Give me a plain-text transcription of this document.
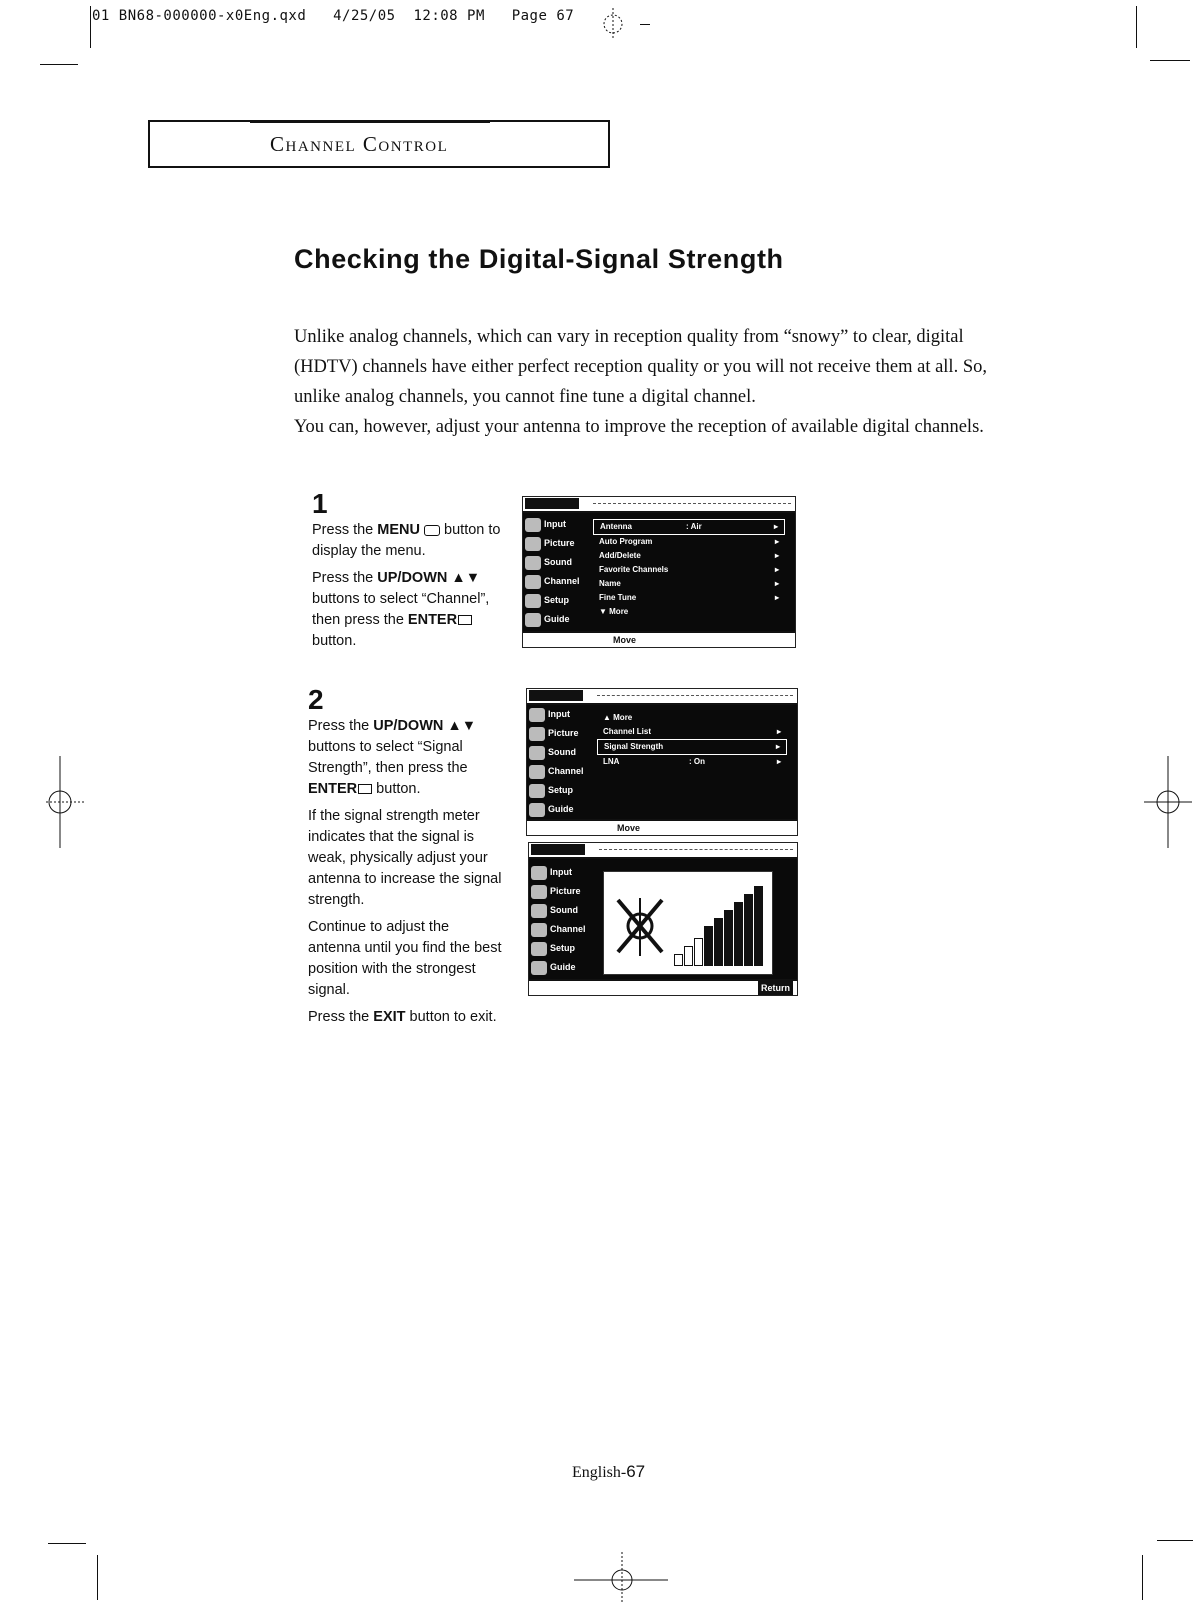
01 BN68-000000-x0Eng.qxd 4/25/05 12:08 PM Page 67
Channel Control
Checking the Digital-Signal Strength
Unlike analog channels, which can vary in reception quality from “snowy” to clear, digital (HDTV) channels have either perfect reception quality or you will not receive them at all. So, unlike analog channels, you cannot fine tune a digital channel.
You can, however, adjust your antenna to improve the reception of available digital channels.
1

Press the MENU  button to display the menu.

Press the UP/DOWN ▲▼ buttons to select “Channel”, then press the ENTER button.

2

Press the UP/DOWN ▲▼ buttons to select “Signal Strength”, then press the ENTER button.

If the signal strength meter indicates that the signal is weak, physically adjust your antenna to increase the signal strength.

Continue to adjust the antenna until you find the best position with the strongest signal.

Press the EXIT button to exit.

Input
Picture
Sound
Channel
Setup
Guide
Antenna	: Air	▸
Auto Program	▸
Add/Delete	▸
Favorite Channels	▸
Name	▸
Fine Tune	▸
▼ More
Move
Input
Picture
Sound
Channel
Setup
Guide
▲ More
Channel List	▸
Signal Strength	▸
LNA	: On	▸
Move
Input
Picture
Sound
Channel
Setup
Guide
Return
English-67
